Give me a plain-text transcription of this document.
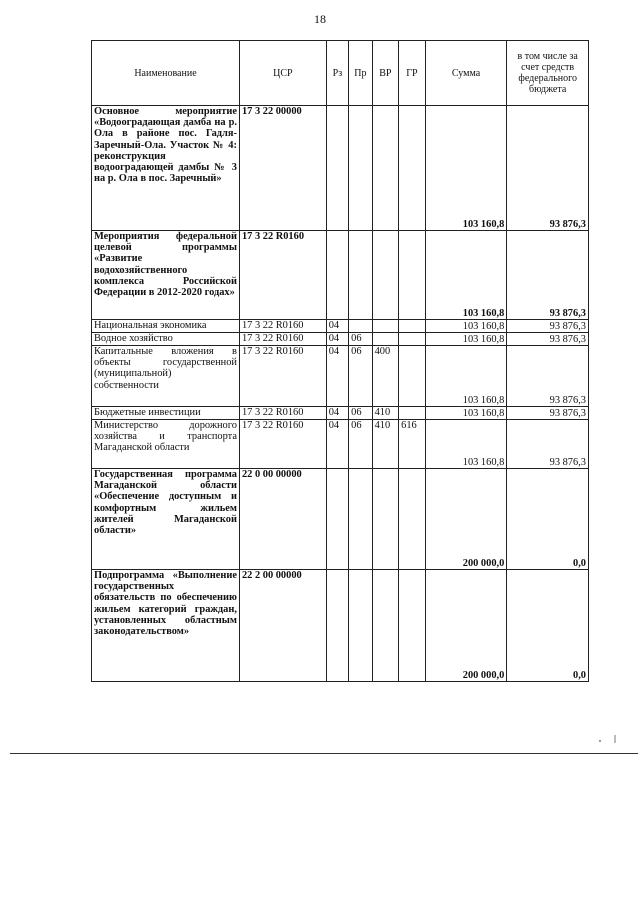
18
Наименование	ЦСР	Рз	Пр	ВР	ГР	Сумма	в том числе за счет средств федерального бюджета
Основное мероприятие «Водооградающая дамба на р. Ола в районе пос. Гадля-Заречный-Ола. Участок № 4: реконструкция водооградающей дамбы № 3 на р. Ола в пос. Заречный»	17 3 22 00000					103 160,8	93 876,3
Мероприятия федеральной целевой программы «Развитие водохозяйственного комплекса Российской Федерации в 2012-2020 годах»	17 3 22 R0160					103 160,8	93 876,3
Национальная экономика	17 3 22 R0160	04				103 160,8	93 876,3
Водное хозяйство	17 3 22 R0160	04	06			103 160,8	93 876,3
Капитальные вложения в объекты государственной (муниципальной) собственности	17 3 22 R0160	04	06	400		103 160,8	93 876,3
Бюджетные инвестиции	17 3 22 R0160	04	06	410		103 160,8	93 876,3
Министерство дорожного хозяйства и транспорта Магаданской области	17 3 22 R0160	04	06	410	616	103 160,8	93 876,3
Государственная программа Магаданской области «Обеспечение доступным и комфортным жильем жителей Магаданской области»	22 0 00 00000					200 000,0	0,0
Подпрограмма «Выполнение государственных обязательств по обеспечению жильем категорий граждан, установленных областным законодательством»	22 2 00 00000					200 000,0	0,0
